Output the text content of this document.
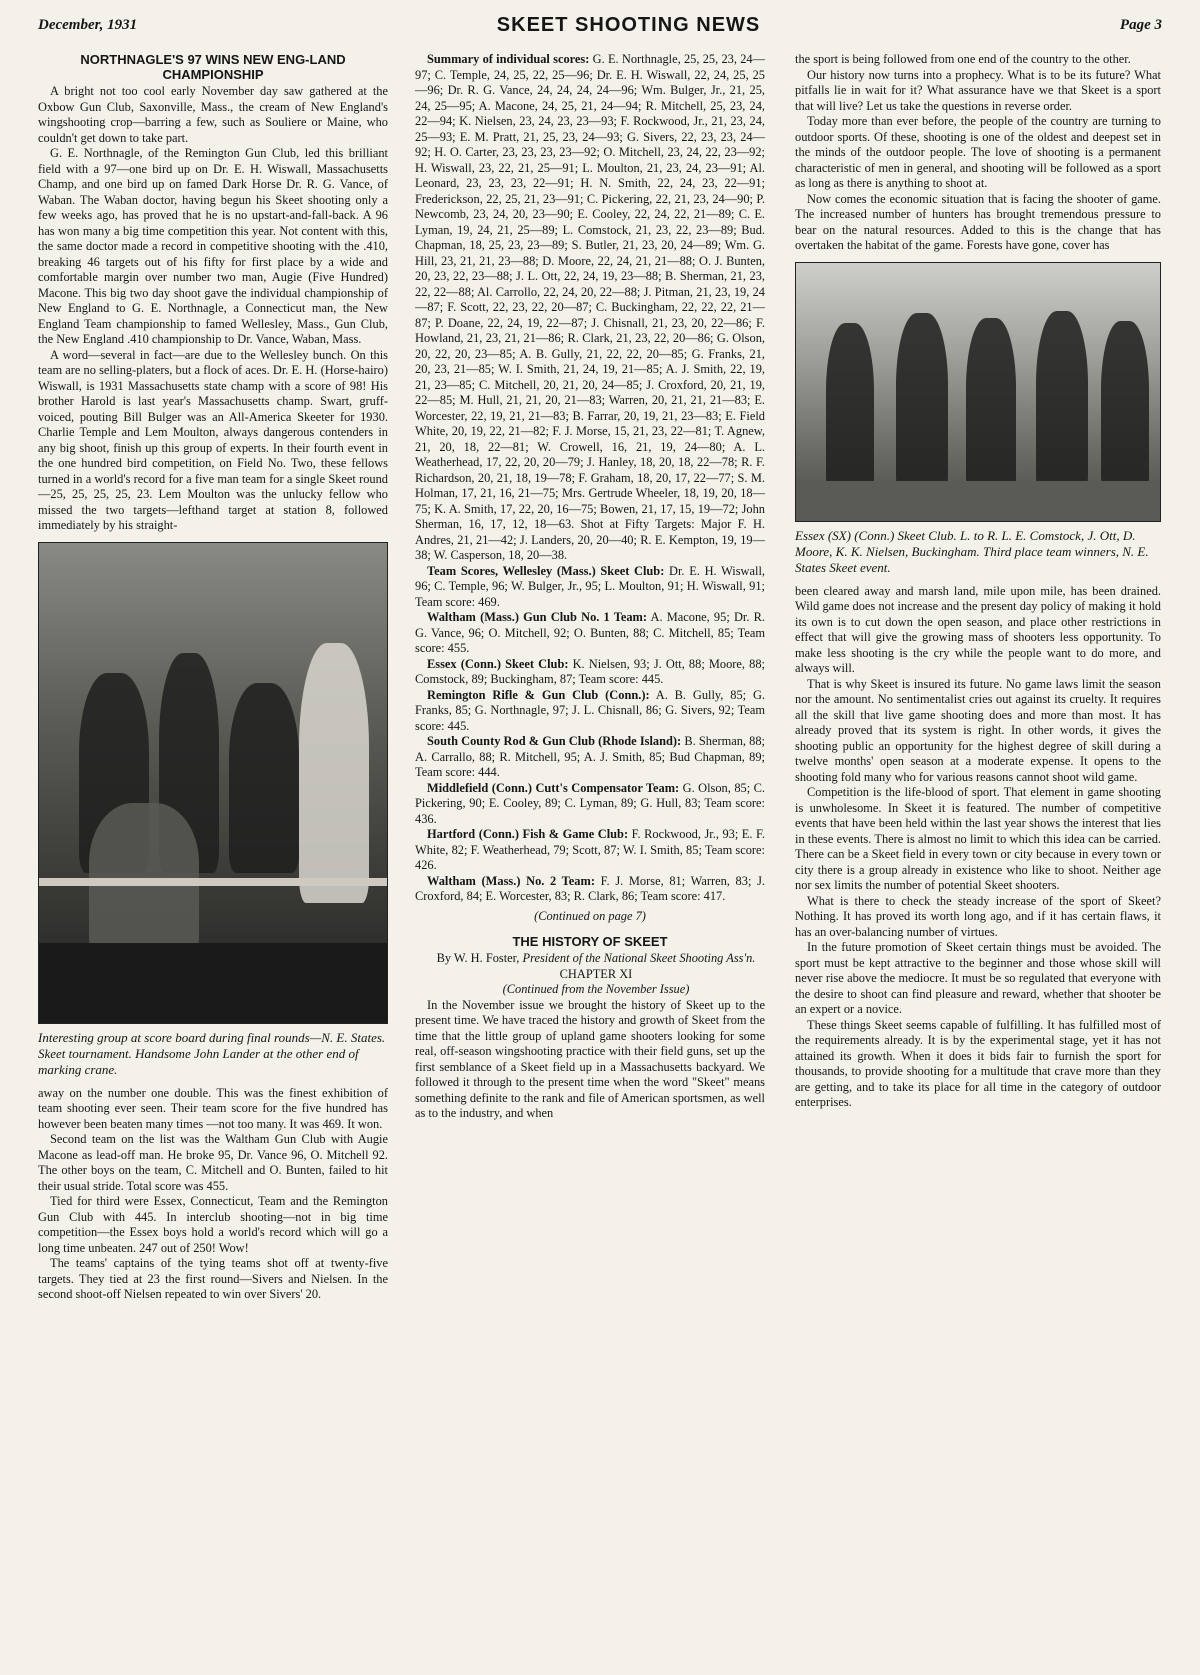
December, 1931	SKEET SHOOTING NEWS	Page 3
NORTHNAGLE'S 97 WINS NEW ENG-LAND CHAMPIONSHIP

A bright not too cool early November day saw gathered at the Oxbow Gun Club, Saxonville, Mass., the cream of New England's wingshooting crop—barring a few, such as Souliere or Maine, who couldn't get down to take part.

G. E. Northnagle, of the Remington Gun Club, led this brilliant field with a 97—one bird up on Dr. E. H. Wiswall, Massachusetts Champ, and one bird up on famed Dark Horse Dr. R. G. Vance, of Waban. The Waban doctor, having begun his Skeet shooting only a few weeks ago, has proved that he is no upstart-and-fall-back. A 96 has won many a big time competition this year. Not content with this, the same doctor made a record in competitive shooting with the .410, breaking 46 targets out of his fifty for first place by a wide and comfortable margin over number two man, Augie (Five Hundred) Macone. This big two day shoot gave the individual championship of New England to G. E. Northnagle, a Connecticut man, the New England Team championship to famed Wellesley, Mass., Gun Club, the New England .410 championship to Dr. Vance, Waban, Mass.

A word—several in fact—are due to the Wellesley bunch. On this team are no selling-platers, but a flock of aces. Dr. E. H. (Horse-hairo) Wiswall, is 1931 Massachusetts state champ with a score of 98! His brother Harold is last year's Massachusetts champ. Swart, gruff-voiced, pouting Bill Bulger was an All-America Skeeter for 1930. Charlie Temple and Lem Moulton, always dangerous contenders in any big shoot, finish up this group of experts. In their fourth event in the one hundred bird competition, on Field No. Two, these fellows turned in a world's record for a five man team for a single Skeet round—25, 25, 25, 25, 23. Lem Moulton was the unlucky fellow who missed the two targets—lefthand target at station 8, followed immediately by his straight-

Interesting group at score board during final rounds—N. E. States. Skeet tournament. Handsome John Lander at the other end of marking crane.

away on the number one double. This was the finest exhibition of team shooting ever seen. Their team score for the five hundred has however been beaten many times —not too many. It was 469. It won.

Second team on the list was the Waltham Gun Club with Augie Macone as lead-off man. He broke 95, Dr. Vance 96, O. Mitchell 92. The other boys on the team, C. Mitchell and O. Bunten, failed to hit their usual stride. Total score was 455.

Tied for third were Essex, Connecticut, Team and the Remington Gun Club with 445. In interclub shooting—not in big time competition—the Essex boys hold a world's record which will go a long time unbeaten. 247 out of 250! Wow!

The teams' captains of the tying teams shot off at twenty-five targets. They tied at 23 the first round—Sivers and Nielsen. In the second shoot-off Nielsen repeated to win over Sivers' 20.

Summary of individual scores: G. E. Northnagle, 25, 25, 23, 24—97; C. Temple, 24, 25, 22, 25—96; Dr. E. H. Wiswall, 22, 24, 25, 25—96; Dr. R. G. Vance, 24, 24, 24, 24—96; Wm. Bulger, Jr., 21, 25, 24, 25—95; A. Macone, 24, 25, 21, 24—94; R. Mitchell, 25, 23, 24, 22—94; K. Nielsen, 23, 24, 23, 23—93; F. Rockwood, Jr., 21, 23, 24, 25—93; E. M. Pratt, 21, 25, 23, 24—93; G. Sivers, 22, 23, 23, 24—92; H. O. Carter, 23, 23, 23, 23—92; O. Mitchell, 23, 24, 22, 23—92; H. Wiswall, 23, 22, 21, 25—91; L. Moulton, 21, 23, 24, 23—91; Al. Leonard, 23, 23, 23, 22—91; H. N. Smith, 22, 24, 23, 22—91; Frederickson, 22, 25, 21, 23—91; C. Pickering, 22, 21, 23, 24—90; P. Newcomb, 23, 24, 20, 23—90; E. Cooley, 22, 24, 22, 21—89; C. E. Lyman, 19, 24, 21, 25—89; L. Comstock, 21, 23, 22, 23—89; Bud. Chapman, 18, 25, 23, 23—89; S. Butler, 21, 23, 20, 24—89; Wm. G. Hill, 23, 21, 21, 23—88; D. Moore, 22, 24, 21, 21—88; O. J. Bunten, 20, 23, 22, 23—88; J. L. Ott, 22, 24, 19, 23—88; B. Sherman, 21, 23, 22, 22—88; Al. Carrollo, 22, 24, 20, 22—88; J. Pitman, 21, 23, 19, 24—87; F. Scott, 22, 23, 22, 20—87; C. Buckingham, 22, 22, 22, 21—87; P. Doane, 22, 24, 19, 22—87; J. Chisnall, 21, 23, 20, 22—86; F. Howland, 21, 23, 21, 21—86; R. Clark, 21, 23, 22, 20—86; G. Olson, 20, 22, 20, 23—85; A. B. Gully, 21, 22, 22, 20—85; G. Franks, 21, 20, 23, 21—85; W. I. Smith, 21, 24, 19, 21—85; A. J. Smith, 22, 19, 21, 23—85; C. Mitchell, 20, 21, 20, 24—85; J. Croxford, 20, 21, 19, 22—85; M. Hull, 21, 21, 20, 21—83; Warren, 20, 21, 21, 21—83; E. Worcester, 22, 19, 21, 21—83; B. Farrar, 20, 19, 21, 23—83; E. Field White, 20, 19, 22, 21—82; F. J. Morse, 15, 21, 23, 22—81; T. Agnew, 21, 20, 18, 22—81; W. Crowell, 16, 21, 19, 24—80; A. L. Weatherhead, 17, 22, 20, 20—79; J. Hanley, 18, 20, 18, 22—78; R. F. Richardson, 20, 21, 18, 19—78; F. Graham, 18, 20, 17, 22—77; S. M. Holman, 17, 21, 16, 21—75; Mrs. Gertrude Wheeler, 18, 19, 20, 18—75; K. A. Smith, 17, 22, 20, 16—75; Bowen, 21, 17, 15, 19—72; John Sherman, 16, 17, 12, 18—63. Shot at Fifty Targets: Major F. H. Andres, 21, 21—42; J. Landers, 20, 20—40; R. E. Kempton, 19, 19—38; W. Casperson, 18, 20—38.

Team Scores, Wellesley (Mass.) Skeet Club: Dr. E. H. Wiswall, 96; C. Temple, 96; W. Bulger, Jr., 95; L. Moulton, 91; H. Wiswall, 91; Team score: 469.

Waltham (Mass.) Gun Club No. 1 Team: A. Macone, 95; Dr. R. G. Vance, 96; O. Mitchell, 92; O. Bunten, 88; C. Mitchell, 85; Team score: 455.

Essex (Conn.) Skeet Club: K. Nielsen, 93; J. Ott, 88; Moore, 88; Comstock, 89; Buckingham, 87; Team score: 445.

Remington Rifle & Gun Club (Conn.): A. B. Gully, 85; G. Franks, 85; G. Northnagle, 97; J. L. Chisnall, 86; G. Sivers, 92; Team score: 445.

South County Rod & Gun Club (Rhode Island): B. Sherman, 88; A. Carrallo, 88; R. Mitchell, 95; A. J. Smith, 85; Bud Chapman, 89; Team score: 444.

Middlefield (Conn.) Cutt's Compensator Team: G. Olson, 85; C. Pickering, 90; E. Cooley, 89; C. Lyman, 89; G. Hull, 83; Team score: 436.

Hartford (Conn.) Fish & Game Club: F. Rockwood, Jr., 93; E. F. White, 82; F. Weatherhead, 79; Scott, 87; W. I. Smith, 85; Team score: 426.

Waltham (Mass.) No. 2 Team: F. J. Morse, 81; Warren, 83; J. Croxford, 84; E. Worcester, 83; R. Clark, 86; Team score: 417.

(Continued on page 7)
THE HISTORY OF SKEET

By W. H. Foster, President of the National Skeet Shooting Ass'n.

CHAPTER XI

(Continued from the November Issue)

In the November issue we brought the history of Skeet up to the present time. We have traced the history and growth of Skeet from the time that the little group of upland game shooters looking for some real, off-season wingshooting practice with their field guns, set up the first semblance of a Skeet field up in a Massachusetts backyard. We followed it through to the present time when the word "Skeet" means something definite to the rank and file of American sportsmen, as well as to the industry, and when

the sport is being followed from one end of the country to the other.

Our history now turns into a prophecy. What is to be its future? What pitfalls lie in wait for it? What assurance have we that Skeet is a sport that will live? Let us take the questions in reverse order.

Today more than ever before, the people of the country are turning to outdoor sports. Of these, shooting is one of the oldest and deepest set in the minds of the outdoor people. The love of shooting is a permanent characteristic of men in general, and shooting will be followed as a sport as long as there is anything to shoot at.

Now comes the economic situation that is facing the shooter of game. The increased number of hunters has brought tremendous pressure to bear on the natural resources. Added to this is the change that has overtaken the habitat of the game. Forests have gone, cover has

Essex (SX) (Conn.) Skeet Club. L. to R. L. E. Comstock, J. Ott, D. Moore, K. K. Nielsen, Buckingham. Third place team winners, N. E. States Skeet event.

been cleared away and marsh land, mile upon mile, has been drained. Wild game does not increase and the present day policy of making it hold its own is to cut down the open season, and place other restrictions in effect that will give the growing mass of shooters less opportunity. To make less shooting is the cry while the people want to do more, and always will.

That is why Skeet is insured its future. No game laws limit the season nor the amount. No sentimentalist cries out against its cruelty. It requires all the skill that live game shooting does and more than most. It has already proved that its system is right. In other words, it gives the shooting public an opportunity for the highest degree of skill during a twelve months' open season at a moderate expense. It opens to the shooting fold many who for various reasons cannot shoot wild game.

Competition is the life-blood of sport. That element in game shooting is unwholesome. In Skeet it is featured. The number of competitive events that have been held within the last year shows the interest that lies in these events. There is almost no limit to which this idea can be carried. There can be a Skeet field in every town or city because in every town or city there is a group already in existence who like to shoot. Neither age nor sex limits the number of potential Skeet shooters.

What is there to check the steady increase of the sport of Skeet? Nothing. It has proved its worth long ago, and if it has certain flaws, it has an over-balancing number of virtues.

In the future promotion of Skeet certain things must be avoided. The sport must be kept attractive to the beginner and those whose skill will never rise above the mediocre. It must be so regulated that everyone with the desire to shoot can find pleasure and reward, whether that shooter be an expert or a novice.

These things Skeet seems capable of fulfilling. It has fulfilled most of the requirements already. It is by the experimental stage, yet it has not attained its growth. When it does it bids fair to furnish the sport for thousands, to provide shooting for a multitude that crave more than they are getting, and to take its place for all time in the category of outdoor enterprises.
